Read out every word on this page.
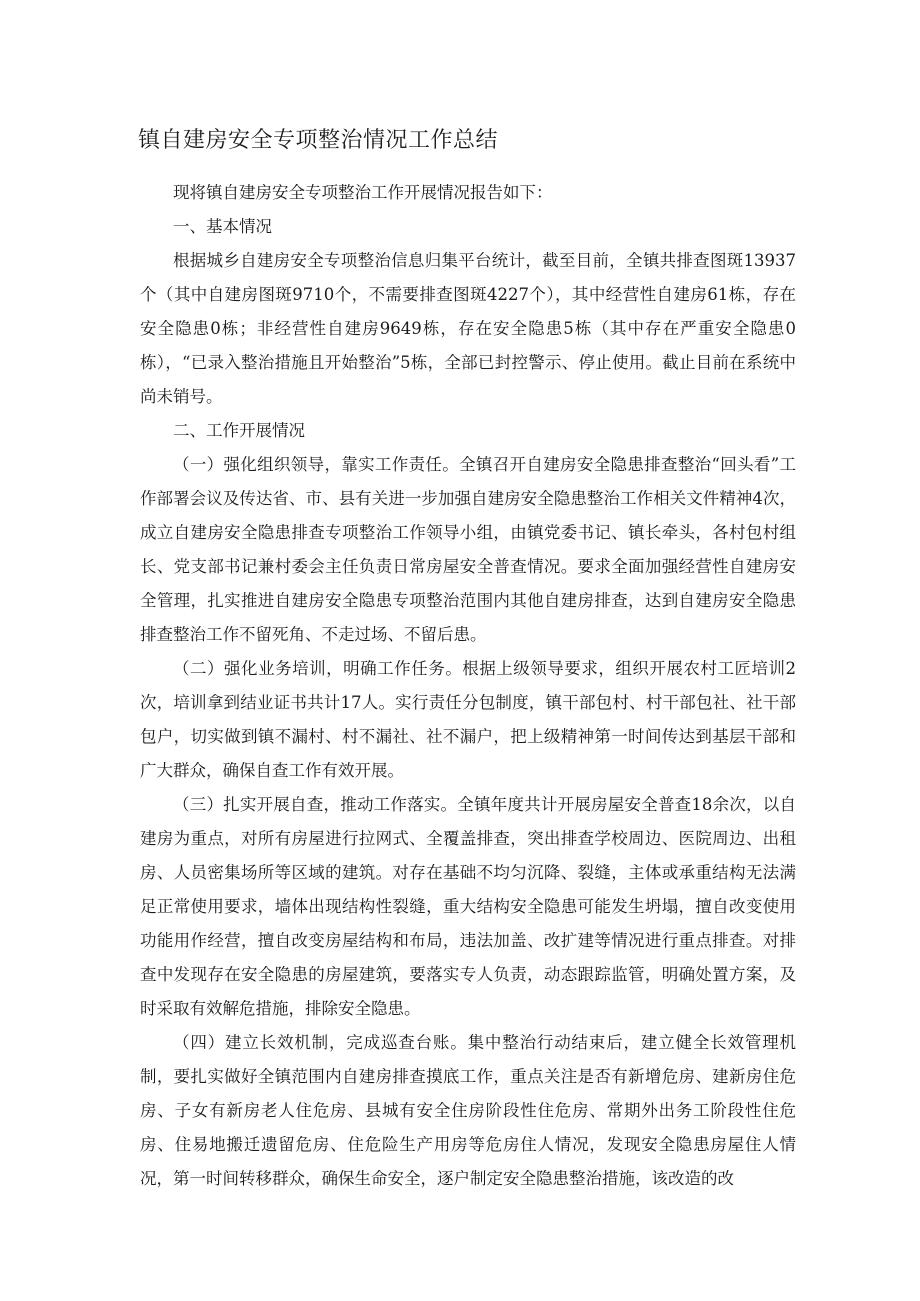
镇自建房安全专项整治情况工作总结

现将镇自建房安全专项整治工作开展情况报告如下：

一、基本情况

根据城乡自建房安全专项整治信息归集平台统计，截至目前，全镇共排查图斑13937个（其中自建房图斑9710个，不需要排查图斑4227个），其中经营性自建房61栋，存在安全隐患0栋；非经营性自建房9649栋，存在安全隐患5栋（其中存在严重安全隐患0栋），“已录入整治措施且开始整治”5栋，全部已封控警示、停止使用。截止目前在系统中尚未销号。

二、工作开展情况

（一）强化组织领导，靠实工作责任。全镇召开自建房安全隐患排查整治“回头看”工作部署会议及传达省、市、县有关进一步加强自建房安全隐患整治工作相关文件精神4次，成立自建房安全隐患排查专项整治工作领导小组，由镇党委书记、镇长牵头，各村包村组长、党支部书记兼村委会主任负责日常房屋安全普查情况。要求全面加强经营性自建房安全管理，扎实推进自建房安全隐患专项整治范围内其他自建房排查，达到自建房安全隐患排查整治工作不留死角、不走过场、不留后患。

（二）强化业务培训，明确工作任务。根据上级领导要求，组织开展农村工匠培训2次，培训拿到结业证书共计17人。实行责任分包制度，镇干部包村、村干部包社、社干部包户，切实做到镇不漏村、村不漏社、社不漏户，把上级精神第一时间传达到基层干部和广大群众，确保自查工作有效开展。

（三）扎实开展自查，推动工作落实。全镇年度共计开展房屋安全普查18余次，以自建房为重点，对所有房屋进行拉网式、全覆盖排查，突出排查学校周边、医院周边、出租房、人员密集场所等区域的建筑。对存在基础不均匀沉降、裂缝，主体或承重结构无法满足正常使用要求，墙体出现结构性裂缝，重大结构安全隐患可能发生坍塌，擅自改变使用功能用作经营，擅自改变房屋结构和布局，违法加盖、改扩建等情况进行重点排查。对排查中发现存在安全隐患的房屋建筑，要落实专人负责，动态跟踪监管，明确处置方案，及时采取有效解危措施，排除安全隐患。

（四）建立长效机制，完成巡查台账。集中整治行动结束后，建立健全长效管理机制，要扎实做好全镇范围内自建房排查摸底工作，重点关注是否有新增危房、建新房住危房、子女有新房老人住危房、县城有安全住房阶段性住危房、常期外出务工阶段性住危房、住易地搬迁遗留危房、住危险生产用房等危房住人情况，发现安全隐患房屋住人情况，第一时间转移群众，确保生命安全，逐户制定安全隐患整治措施，该改造的改
